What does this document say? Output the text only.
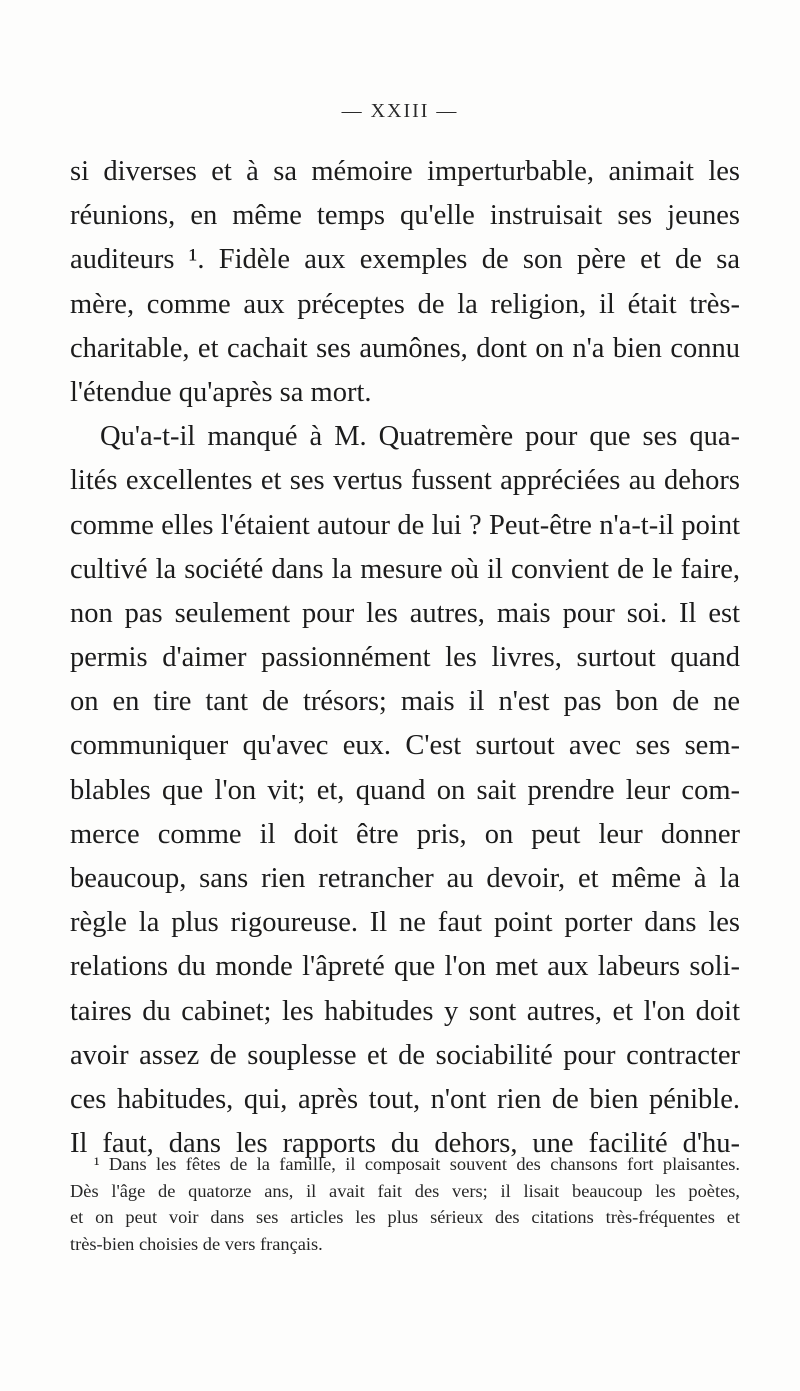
— XXIII —
si diverses et à sa mémoire imperturbable, animait les
réunions, en même temps qu'elle instruisait ses jeunes
auditeurs ¹. Fidèle aux exemples de son père et de sa
mère, comme aux préceptes de la religion, il était très-
charitable, et cachait ses aumônes, dont on n'a bien connu
l'étendue qu'après sa mort.
Qu'a-t-il manqué à M. Quatremère pour que ses qua-
lités excellentes et ses vertus fussent appréciées au dehors
comme elles l'étaient autour de lui ? Peut-être n'a-t-il point
cultivé la société dans la mesure où il convient de le faire,
non pas seulement pour les autres, mais pour soi. Il est
permis d'aimer passionnément les livres, surtout quand
on en tire tant de trésors; mais il n'est pas bon de ne
communiquer qu'avec eux. C'est surtout avec ses sem-
blables que l'on vit; et, quand on sait prendre leur com-
merce comme il doit être pris, on peut leur donner
beaucoup, sans rien retrancher au devoir, et même à la
règle la plus rigoureuse. Il ne faut point porter dans les
relations du monde l'âpreté que l'on met aux labeurs soli-
taires du cabinet; les habitudes y sont autres, et l'on doit
avoir assez de souplesse et de sociabilité pour contracter
ces habitudes, qui, après tout, n'ont rien de bien pénible.
Il faut, dans les rapports du dehors, une facilité d'hu-
¹ Dans les fêtes de la famille, il composait souvent des chansons fort plaisantes.
Dès l'âge de quatorze ans, il avait fait des vers; il lisait beaucoup les poètes,
et on peut voir dans ses articles les plus sérieux des citations très-fréquentes et
très-bien choisies de vers français.
